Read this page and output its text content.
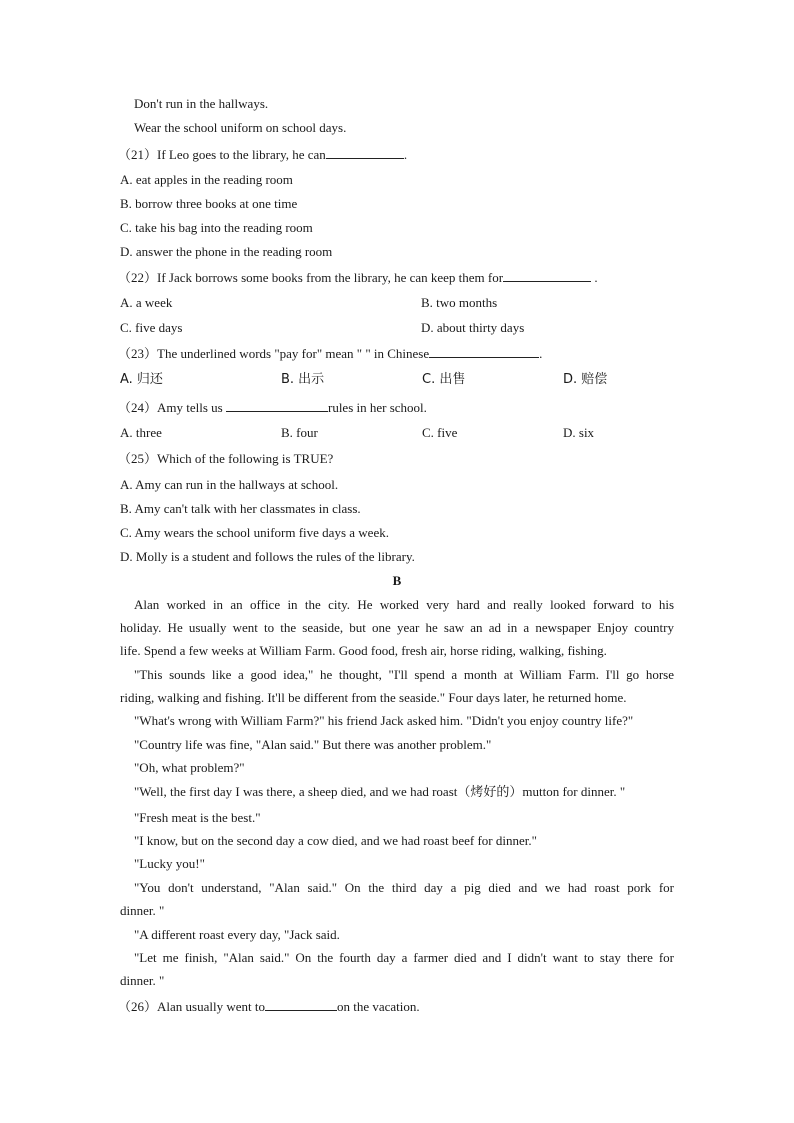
Don't run in the hallways.
Wear the school uniform on school days.
（21）If Leo goes to the library, he can	.
A. eat apples in the reading room
B. borrow three books at one time
C. take his bag into the reading room
D. answer the phone in the reading room
（22）If Jack borrows some books from the library, he can keep them for	.
A. a week	B. two months
C. five days	D. about thirty days
（23）The underlined words "pay for" mean " " in Chinese	.
A. 归还	B. 出示	C. 出售	D. 赔偿
（24）Amy tells us	rules in her school.
A. three	B. four	C. five	D. six
（25）Which of the following is TRUE?
A. Amy can run in the hallways at school.
B. Amy can't talk with her classmates in class.
C. Amy wears the school uniform five days a week.
D. Molly is a student and follows the rules of the library.
B
Alan worked in an office in the city. He worked very hard and really looked forward to his
holiday. He usually went to the seaside, but one year he saw an ad in a newspaper Enjoy country
life. Spend a few weeks at William Farm. Good food, fresh air, horse riding, walking, fishing.
"This sounds like a good idea," he thought, "I'll spend a month at William Farm. I'll go horse
riding, walking and fishing. It'll be different from the seaside." Four days later, he returned home.
"What's wrong with William Farm?" his friend Jack asked him. "Didn't you enjoy country life?"
"Country life was fine, "Alan said." But there was another problem."
"Oh, what problem?"
"Well, the first day I was there, a sheep died, and we had roast（烤好的）mutton for dinner. "
"Fresh meat is the best."
"I know, but on the second day a cow died, and we had roast beef for dinner."
"Lucky you!"
"You don't understand, "Alan said." On the third day a pig died and we had roast pork for
dinner. "
"A different roast every day, "Jack said.
"Let me finish, "Alan said." On the fourth day a farmer died and I didn't want to stay there for
dinner. "
（26）Alan usually went to	on the vacation.
